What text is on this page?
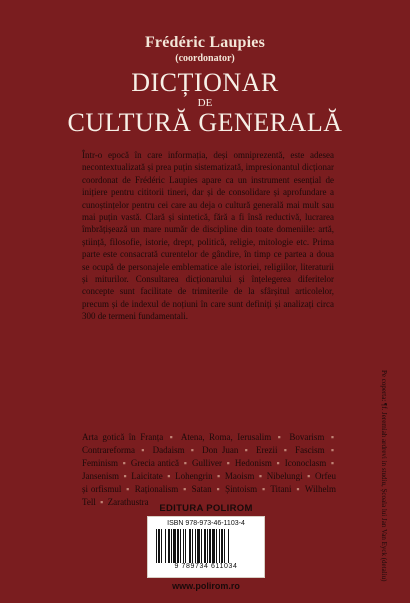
Frédéric Laupies
(coordonator)
DICȚIONAR
DE
CULTURĂ GENERALĂ

Într-o epocă în care informația, deși omniprezentă, este adesea necontextualizată și prea puțin sistematizată, impresionantul dicționar coordonat de Frédéric Laupies apare ca un instrument esențial de inițiere pentru cititorii tineri, dar și de consolidare și aprofundare a cunoștințelor pentru cei care au deja o cultură generală mai mult sau mai puțin vastă. Clară și sintetică, fără a fi însă reductivă, lucrarea îmbrățișează un mare număr de discipline din toate domeniile: artă, știință, filosofie, istorie, drept, politică, religie, mitologie etc. Prima parte este consacrată curentelor de gândire, în timp ce partea a doua se ocupă de personajele emblematice ale istoriei, religiilor, literaturii și miturilor. Consultarea dicționarului și înțelegerea diferitelor concepte sunt facilitate de trimiterile de la sfârșitul articolelor, precum și de indexul de noțiuni în care sunt definiți și analizați circa 300 de termeni fundamentali.

Arta gotică în Franța ▪ Atena, Roma, Ierusalim ▪ Bovarism ▪ Contrareforma ▪ Dadaism ▪ Don Juan ▪ Erezii ▪ Fascism ▪ Feminism ▪ Grecia antică ▪ Gulliver ▪ Hedonism ▪ Iconoclasm ▪ Jansenism ▪ Laicitate ▪ Lohengrin ▪ Maoism ▪ Nibelungi ▪ Orfeu și orfismul ▪ Raționalism ▪ Satan ▪ Șintoism ▪ Titani ▪ Wilhelm Tell ▪ Zarathustra

EDITURA POLIROM
ISBN 978-973-46-1103-4
9 789734 611034
www.polirom.ro
Pe coperta: ¶f. Jeremiah ardrevi in studiu, Școala lui Jan Van Eyck (detaliu)
